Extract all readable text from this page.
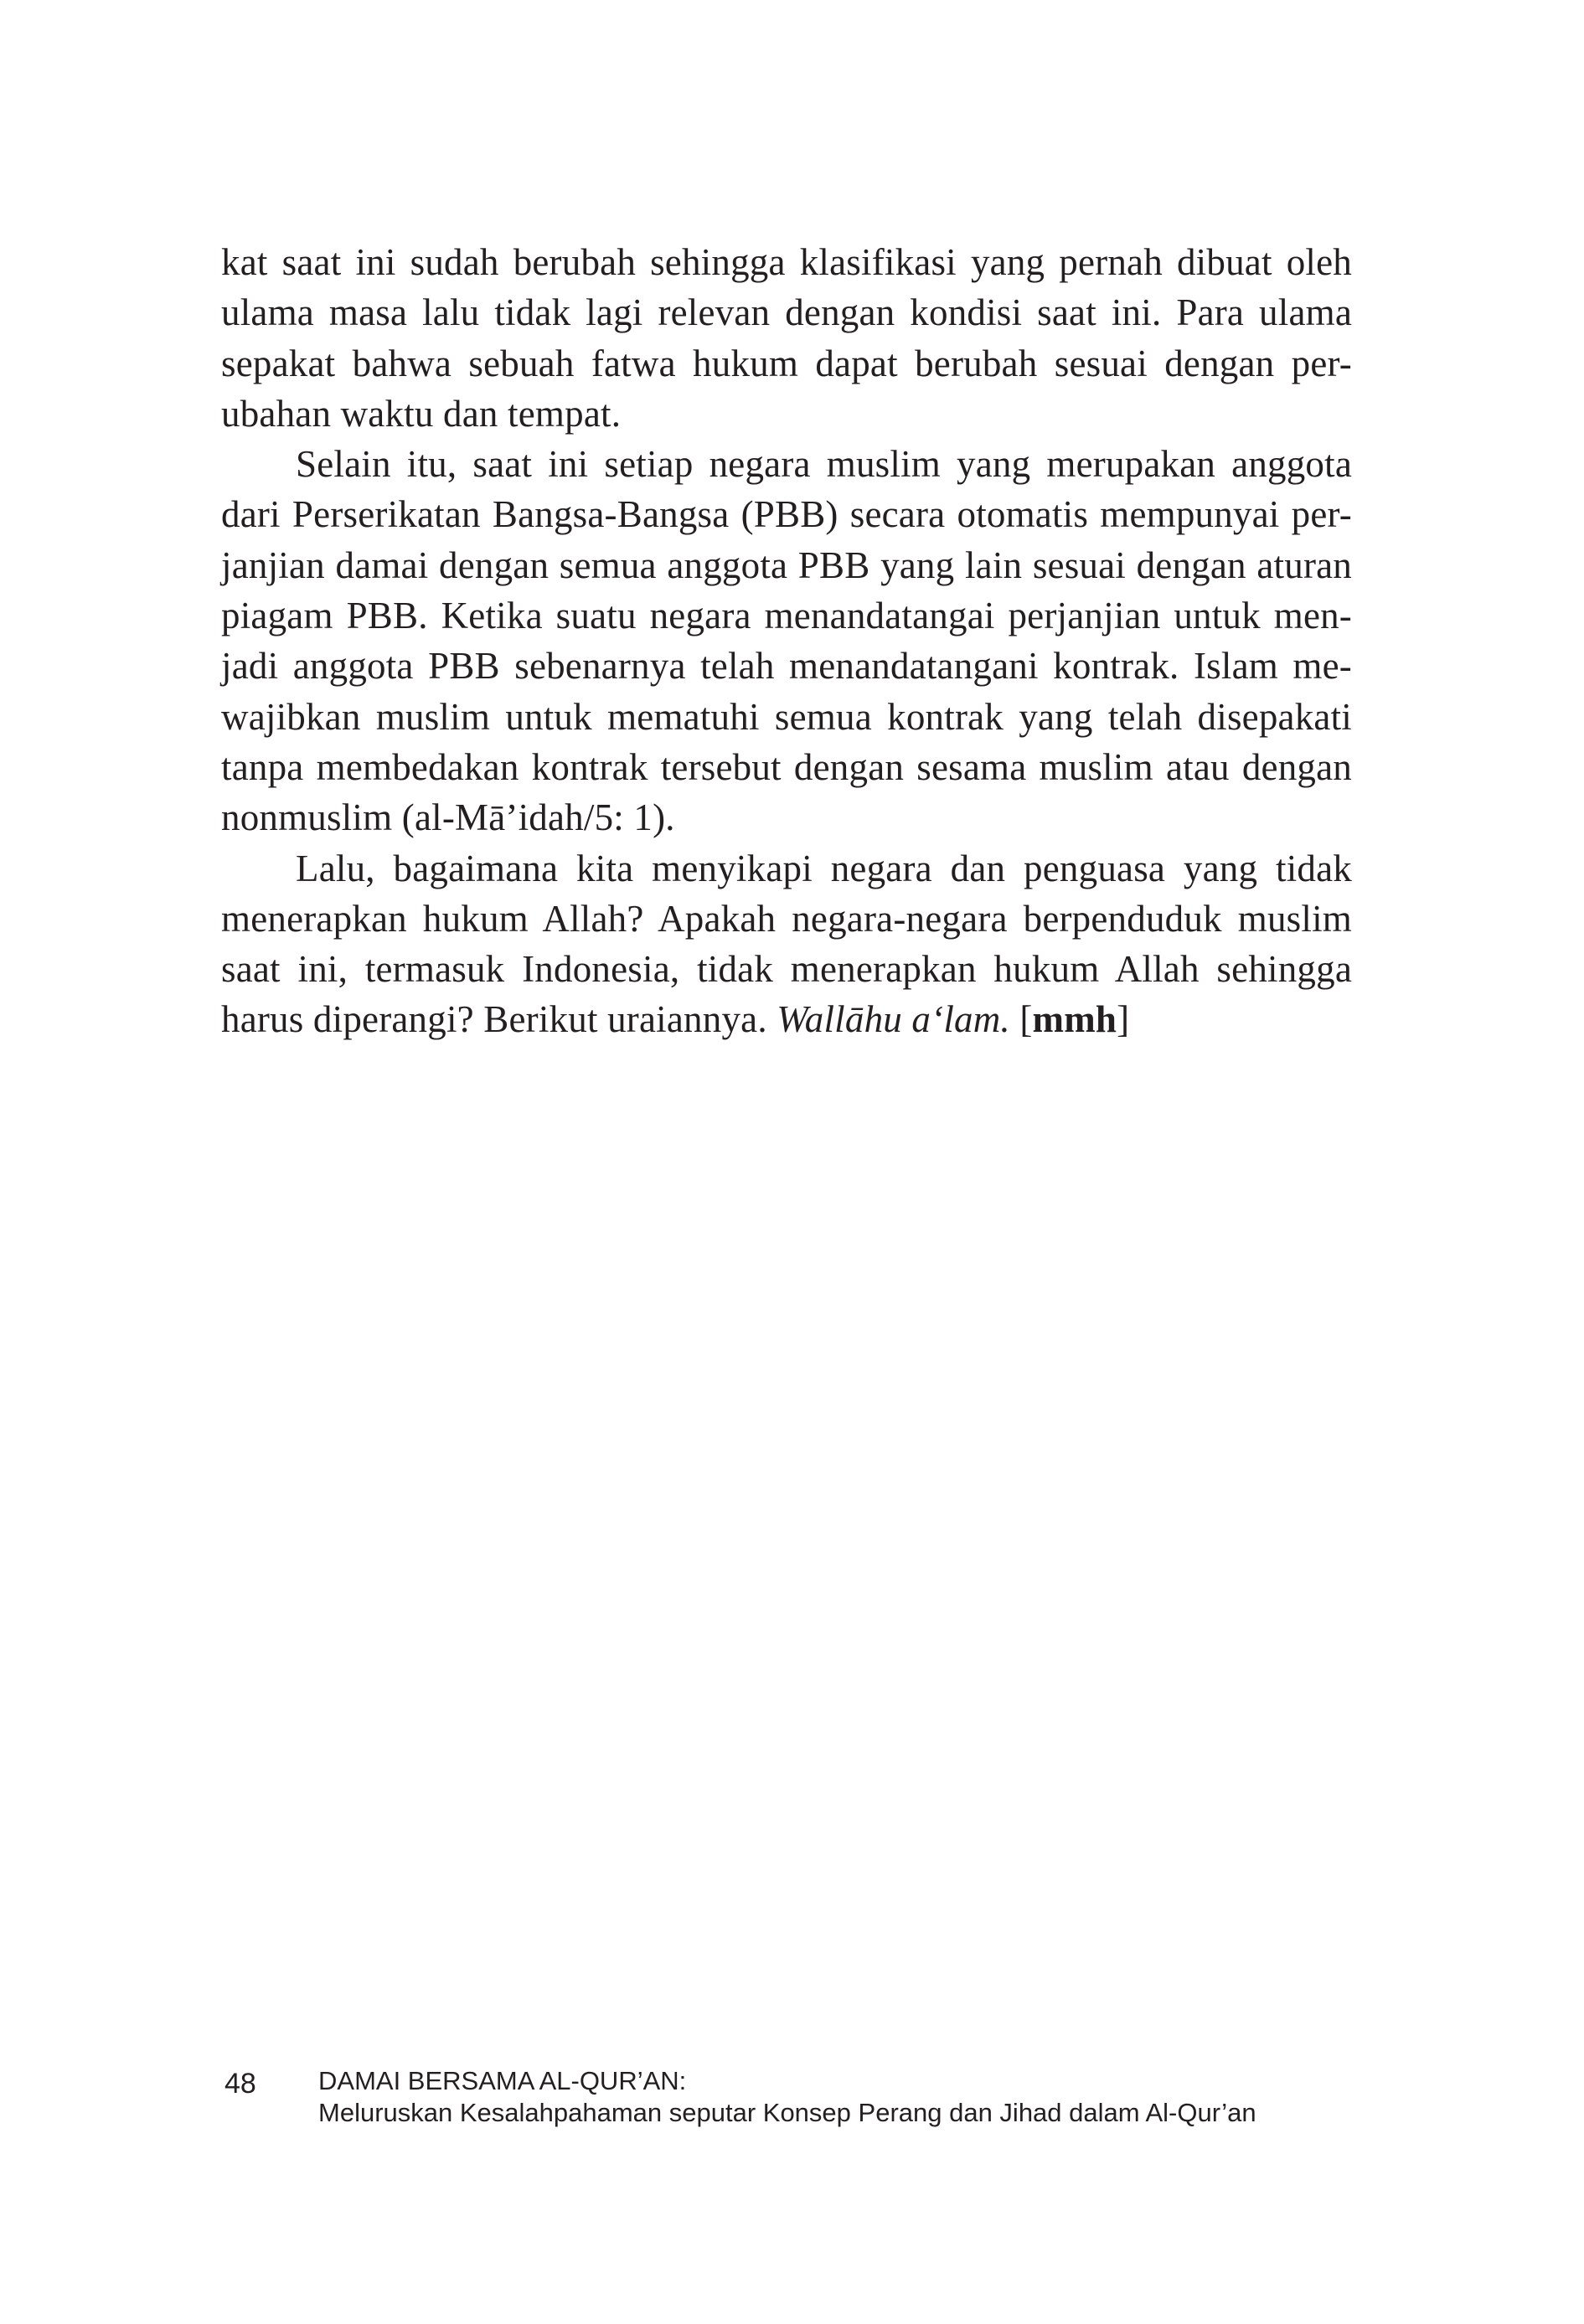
kat saat ini sudah berubah sehingga klasifikasi yang pernah dibuat oleh
ulama masa lalu tidak lagi relevan dengan kondisi saat ini. Para ulama
sepakat bahwa sebuah fatwa hukum dapat berubah sesuai dengan per-
ubahan waktu dan tempat.
Selain itu, saat ini setiap negara muslim yang merupakan anggota
dari Perserikatan Bangsa-Bangsa (PBB) secara otomatis mempunyai per-
janjian damai dengan semua anggota PBB yang lain sesuai dengan aturan
piagam PBB. Ketika suatu negara menandatangai perjanjian untuk men-
jadi anggota PBB sebenarnya telah menandatangani kontrak. Islam me-
wajibkan muslim untuk mematuhi semua kontrak yang telah disepakati
tanpa membedakan kontrak tersebut dengan sesama muslim atau dengan
nonmuslim (al-Mā’idah/5: 1).
Lalu, bagaimana kita menyikapi negara dan penguasa yang tidak
menerapkan hukum Allah? Apakah negara-negara berpenduduk muslim
saat ini, termasuk Indonesia, tidak menerapkan hukum Allah sehingga
harus diperangi? Berikut uraiannya. Wallāhu a‘lam. [mmh]
48 DAMAI BERSAMA AL-QUR’AN:
Meluruskan Kesalahpahaman seputar Konsep Perang dan Jihad dalam Al-Qur’an
